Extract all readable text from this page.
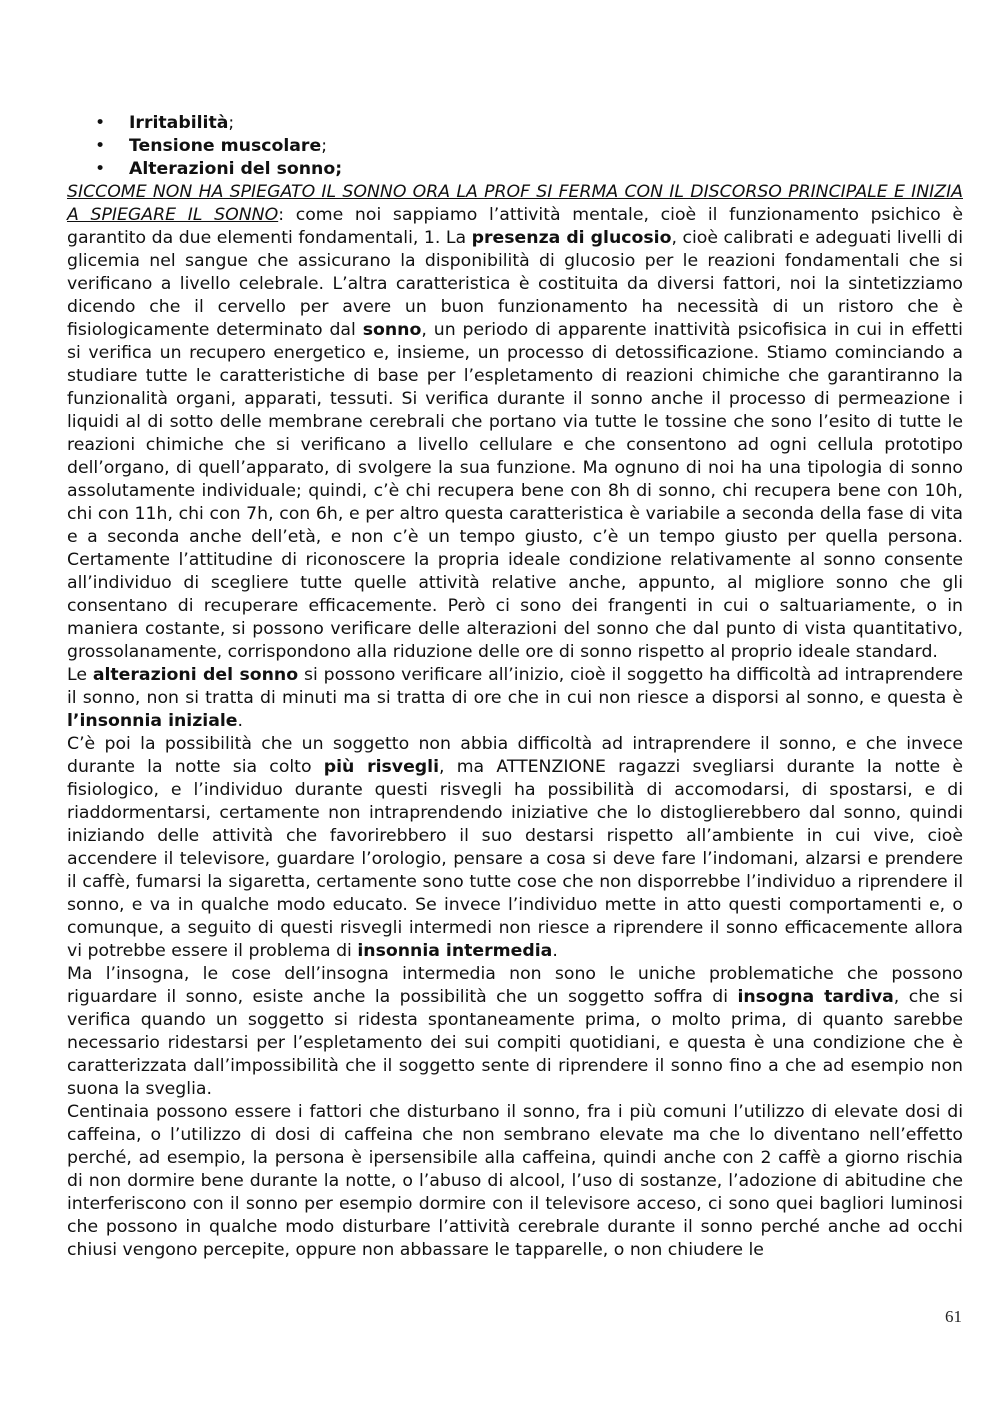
• Irritabilità;
• Tensione muscolare;
• Alterazioni del sonno;

SICCOME NON HA SPIEGATO IL SONNO ORA LA PROF SI FERMA CON IL DISCORSO PRINCIPALE E INIZIA A SPIEGARE IL SONNO: come noi sappiamo l’attività mentale, cioè il funzionamento psichico è garantito da due elementi fondamentali, 1. La presenza di glucosio, cioè calibrati e adeguati livelli di glicemia nel sangue che assicurano la disponibilità di glucosio per le reazioni fondamentali che si verificano a livello celebrale. L’altra caratteristica è costituita da diversi fattori, noi la sintetizziamo dicendo che il cervello per avere un buon funzionamento ha necessità di un ristoro che è fisiologicamente determinato dal sonno, un periodo di apparente inattività psicofisica in cui in effetti si verifica un recupero energetico e, insieme, un processo di detossificazione. Stiamo cominciando a studiare tutte le caratteristiche di base per l’espletamento di reazioni chimiche che garantiranno la funzionalità organi, apparati, tessuti. Si verifica durante il sonno anche il processo di permeazione i liquidi al di sotto delle membrane cerebrali che portano via tutte le tossine che sono l’esito di tutte le reazioni chimiche che si verificano a livello cellulare e che consentono ad ogni cellula prototipo dell’organo, di quell’apparato, di svolgere la sua funzione. Ma ognuno di noi ha una tipologia di sonno assolutamente individuale; quindi, c’è chi recupera bene con 8h di sonno, chi recupera bene con 10h, chi con 11h, chi con 7h, con 6h, e per altro questa caratteristica è variabile a seconda della fase di vita e a seconda anche dell’età, e non c’è un tempo giusto, c’è un tempo giusto per quella persona. Certamente l’attitudine di riconoscere la propria ideale condizione relativamente al sonno consente all’individuo di scegliere tutte quelle attività relative anche, appunto, al migliore sonno che gli consentano di recuperare efficacemente. Però ci sono dei frangenti in cui o saltuariamente, o in maniera costante, si possono verificare delle alterazioni del sonno che dal punto di vista quantitativo, grossolanamente, corrispondono alla riduzione delle ore di sonno rispetto al proprio ideale standard.

Le alterazioni del sonno si possono verificare all’inizio, cioè il soggetto ha difficoltà ad intraprendere il sonno, non si tratta di minuti ma si tratta di ore che in cui non riesce a disporsi al sonno, e questa è l’insonnia iniziale.

C’è poi la possibilità che un soggetto non abbia difficoltà ad intraprendere il sonno, e che invece durante la notte sia colto più risvegli, ma ATTENZIONE ragazzi svegliarsi durante la notte è fisiologico, e l’individuo durante questi risvegli ha possibilità di accomodarsi, di spostarsi, e di riaddormentarsi, certamente non intraprendendo iniziative che lo distoglierebbero dal sonno, quindi iniziando delle attività che favorirebbero il suo destarsi rispetto all’ambiente in cui vive, cioè accendere il televisore, guardare l’orologio, pensare a cosa si deve fare l’indomani, alzarsi e prendere il caffè, fumarsi la sigaretta, certamente sono tutte cose che non disporrebbe l’individuo a riprendere il sonno, e va in qualche modo educato. Se invece l’individuo mette in atto questi comportamenti e, o comunque, a seguito di questi risvegli intermedi non riesce a riprendere il sonno efficacemente allora vi potrebbe essere il problema di insonnia intermedia.

Ma l’insogna, le cose dell’insogna intermedia non sono le uniche problematiche che possono riguardare il sonno, esiste anche la possibilità che un soggetto soffra di insogna tardiva, che si verifica quando un soggetto si ridesta spontaneamente prima, o molto prima, di quanto sarebbe necessario ridestarsi per l’espletamento dei sui compiti quotidiani, e questa è una condizione che è caratterizzata dall’impossibilità che il soggetto sente di riprendere il sonno fino a che ad esempio non suona la sveglia.

Centinaia possono essere i fattori che disturbano il sonno, fra i più comuni l’utilizzo di elevate dosi di caffeina, o l’utilizzo di dosi di caffeina che non sembrano elevate ma che lo diventano nell’effetto perché, ad esempio, la persona è ipersensibile alla caffeina, quindi anche con 2 caffè a giorno rischia di non dormire bene durante la notte, o l’abuso di alcool, l’uso di sostanze, l’adozione di abitudine che interferiscono con il sonno per esempio dormire con il televisore acceso, ci sono quei bagliori luminosi che possono in qualche modo disturbare l’attività cerebrale durante il sonno perché anche ad occhi chiusi vengono percepite, oppure non abbassare le tapparelle, o non chiudere le

61
